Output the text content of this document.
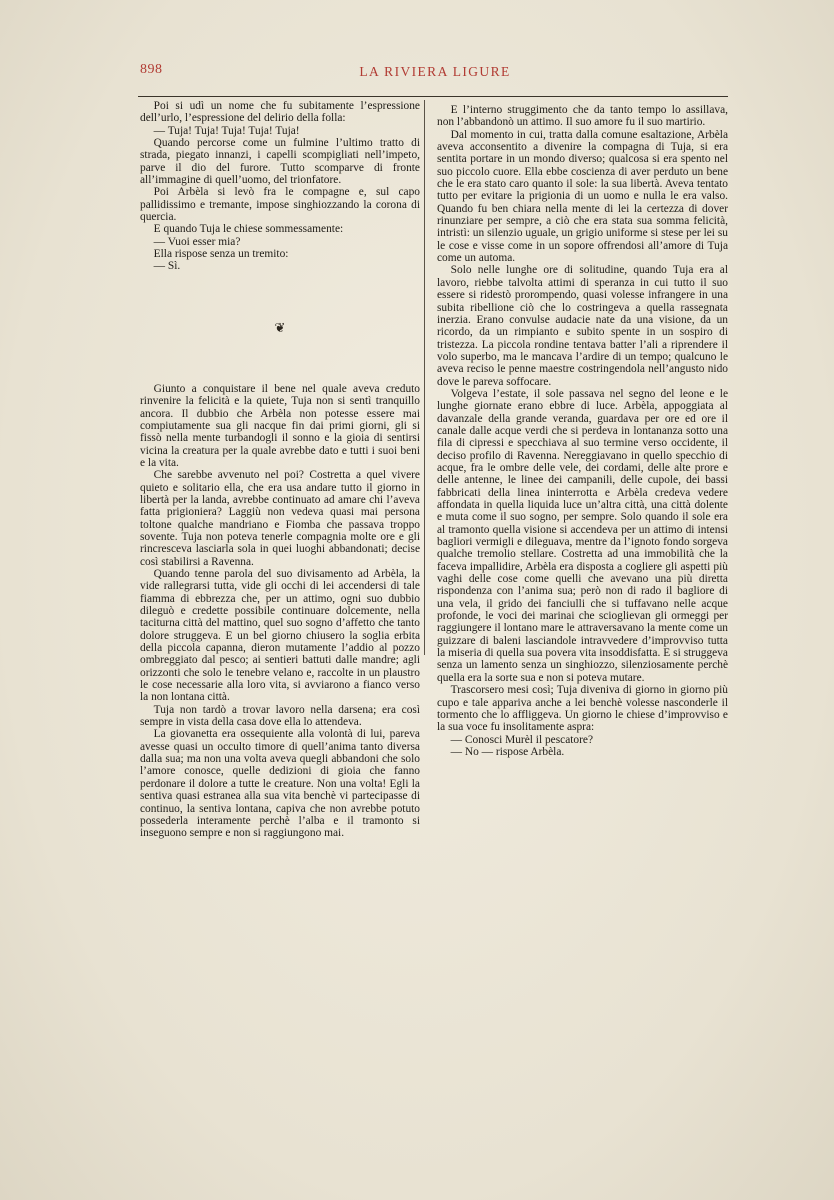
898	LA RIVIERA LIGURE

Poi si udì un nome che fu subitamente l’espressione dell’urlo, l’espressione del delirio della folla:

— Tuja! Tuja! Tuja! Tuja! Tuja!

Quando percorse come un fulmine l’ultimo tratto di strada, piegato innanzi, i capelli scompigliati nell’impeto, parve il dio del furore. Tutto scomparve di fronte all’immagine di quell’uomo, del trionfatore.

Poi Arbèla si levò fra le compagne e, sul capo pallidissimo e tremante, impose singhiozzando la corona di quercia.

E quando Tuja le chiese sommessamente:

— Vuoi esser mia?

Ella rispose senza un tremito:

— Sì.

❦

Giunto a conquistare il bene nel quale aveva creduto rinvenire la felicità e la quiete, Tuja non si sentì tranquillo ancora. Il dubbio che Arbèla non potesse essere mai compiutamente sua gli nacque fin dai primi giorni, gli si fissò nella mente turbandogli il sonno e la gioia di sentirsi vicina la creatura per la quale avrebbe dato e tutti i suoi beni e la vita.

Che sarebbe avvenuto nel poi? Costretta a quel vivere quieto e solitario ella, che era usa andare tutto il giorno in libertà per la landa, avrebbe continuato ad amare chi l’aveva fatta prigioniera? Laggiù non vedeva quasi mai persona toltone qualche mandriano e Fiomba che passava troppo sovente. Tuja non poteva tenerle compagnia molte ore e gli rincresceva lasciarla sola in quei luoghi abbandonati; decise così stabilirsi a Ravenna.

Quando tenne parola del suo divisamento ad Arbèla, la vide rallegrarsi tutta, vide gli occhi di lei accendersi di tale fiamma di ebbrezza che, per un attimo, ogni suo dubbio dileguò e credette possibile continuare dolcemente, nella taciturna città del mattino, quel suo sogno d’affetto che tanto dolore struggeva. E un bel giorno chiusero la soglia erbita della piccola capanna, dieron mutamente l’addio al pozzo ombreggiato dal pesco; ai sentieri battuti dalle mandre; agli orizzonti che solo le tenebre velano e, raccolte in un plaustro le cose necessarie alla loro vita, si avviarono a fianco verso la non lontana città.

Tuja non tardò a trovar lavoro nella darsena; era così sempre in vista della casa dove ella lo attendeva.

La giovanetta era ossequiente alla volontà di lui, pareva avesse quasi un occulto timore di quell’anima tanto diversa dalla sua; ma non una volta aveva quegli abbandoni che solo l’amore conosce, quelle dedizioni di gioia che fanno perdonare il dolore a tutte le creature. Non una volta! Egli la sentiva quasi estranea alla sua vita benchè vi partecipasse di continuo, la sentiva lontana, capiva che non avrebbe potuto possederla interamente perchè l’alba e il tramonto si inseguono sempre e non si raggiungono mai.

E l’interno struggimento che da tanto tempo lo assillava, non l’abbandonò un attimo. Il suo amore fu il suo martirio.

Dal momento in cui, tratta dalla comune esaltazione, Arbèla aveva acconsentito a divenire la compagna di Tuja, si era sentita portare in un mondo diverso; qualcosa si era spento nel suo piccolo cuore. Ella ebbe coscienza di aver perduto un bene che le era stato caro quanto il sole: la sua libertà. Aveva tentato tutto per evitare la prigionia di un uomo e nulla le era valso. Quando fu ben chiara nella mente di lei la certezza di dover rinunziare per sempre, a ciò che era stata sua somma felicità, intristì: un silenzio uguale, un grigio uniforme si stese per lei su le cose e visse come in un sopore offrendosi all’amore di Tuja come un automa.

Solo nelle lunghe ore di solitudine, quando Tuja era al lavoro, riebbe talvolta attimi di speranza in cui tutto il suo essere si ridestò prorompendo, quasi volesse infrangere in una subita ribellione ciò che lo costringeva a quella rassegnata inerzia. Erano convulse audacie nate da una visione, da un ricordo, da un rimpianto e subito spente in un sospiro di tristezza. La piccola rondine tentava batter l’ali a riprendere il volo superbo, ma le mancava l’ardire di un tempo; qualcuno le aveva reciso le penne maestre costringendola nell’angusto nido dove le pareva soffocare.

Volgeva l’estate, il sole passava nel segno del leone e le lunghe giornate erano ebbre di luce. Arbèla, appoggiata al davanzale della grande veranda, guardava per ore ed ore il canale dalle acque verdi che si perdeva in lontananza sotto una fila di cipressi e specchiava al suo termine verso occidente, il deciso profilo di Ravenna. Nereggiavano in quello specchio di acque, fra le ombre delle vele, dei cordami, delle alte prore e delle antenne, le linee dei campanili, delle cupole, dei bassi fabbricati della linea ininterrotta e Arbèla credeva vedere affondata in quella liquida luce un’altra città, una città dolente e muta come il suo sogno, per sempre. Solo quando il sole era al tramonto quella visione si accendeva per un attimo di intensi bagliori vermigli e dileguava, mentre da l’ignoto fondo sorgeva qualche tremolio stellare. Costretta ad una immobilità che la faceva impallidire, Arbèla era disposta a cogliere gli aspetti più vaghi delle cose come quelli che avevano una più diretta rispondenza con l’anima sua; però non di rado il bagliore di una vela, il grido dei fanciulli che si tuffavano nelle acque profonde, le voci dei marinai che scioglievan gli ormeggi per raggiungere il lontano mare le attraversavano la mente come un guizzare di baleni lasciandole intravvedere d’improvviso tutta la miseria di quella sua povera vita insoddisfatta. E si struggeva senza un lamento senza un singhiozzo, silenziosamente perchè quella era la sorte sua e non si poteva mutare.

Trascorsero mesi così; Tuja diveniva di giorno in giorno più cupo e tale appariva anche a lei benchè volesse nasconderle il tormento che lo affliggeva. Un giorno le chiese d’improvviso e la sua voce fu insolitamente aspra:

— Conosci Murèl il pescatore?

— No — rispose Arbèla.
